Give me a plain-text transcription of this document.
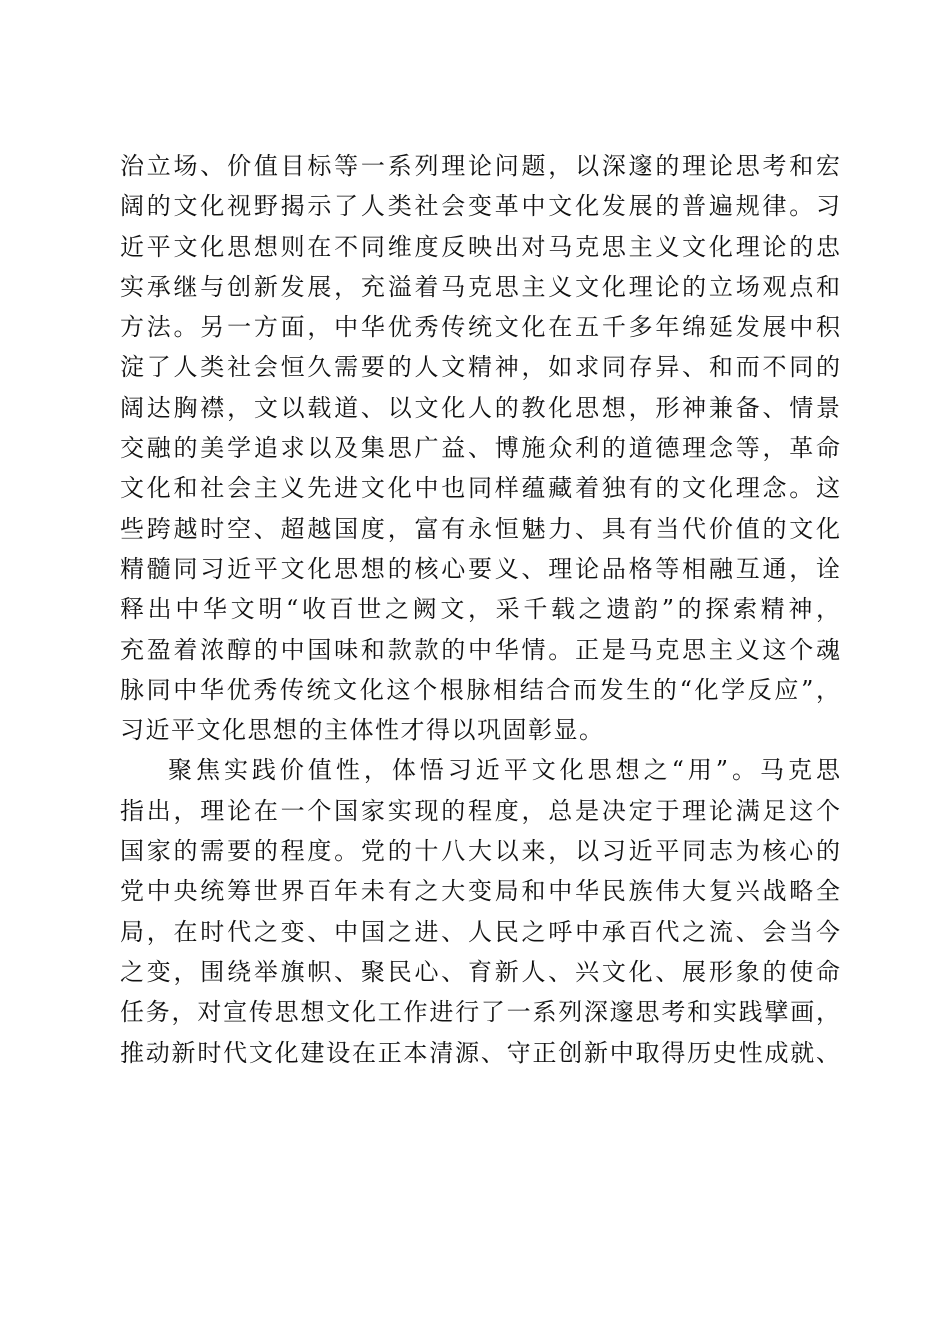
治立场、价值目标等一系列理论问题，以深邃的理论思考和宏
阔的文化视野揭示了人类社会变革中文化发展的普遍规律。习
近平文化思想则在不同维度反映出对马克思主义文化理论的忠
实承继与创新发展，充溢着马克思主义文化理论的立场观点和
方法。另一方面，中华优秀传统文化在五千多年绵延发展中积
淀了人类社会恒久需要的人文精神，如求同存异、和而不同的
阔达胸襟，文以载道、以文化人的教化思想，形神兼备、情景
交融的美学追求以及集思广益、博施众利的道德理念等，革命
文化和社会主义先进文化中也同样蕴藏着独有的文化理念。这
些跨越时空、超越国度，富有永恒魅力、具有当代价值的文化
精髓同习近平文化思想的核心要义、理论品格等相融互通，诠
释出中华文明“收百世之阙文，采千载之遗韵”的探索精神，
充盈着浓醇的中国味和款款的中华情。正是马克思主义这个魂
脉同中华优秀传统文化这个根脉相结合而发生的“化学反应”，
习近平文化思想的主体性才得以巩固彰显。
聚焦实践价值性，体悟习近平文化思想之“用”。马克思
指出，理论在一个国家实现的程度，总是决定于理论满足这个
国家的需要的程度。党的十八大以来，以习近平同志为核心的
党中央统筹世界百年未有之大变局和中华民族伟大复兴战略全
局，在时代之变、中国之进、人民之呼中承百代之流、会当今
之变，围绕举旗帜、聚民心、育新人、兴文化、展形象的使命
任务，对宣传思想文化工作进行了一系列深邃思考和实践擘画，
推动新时代文化建设在正本清源、守正创新中取得历史性成就、
